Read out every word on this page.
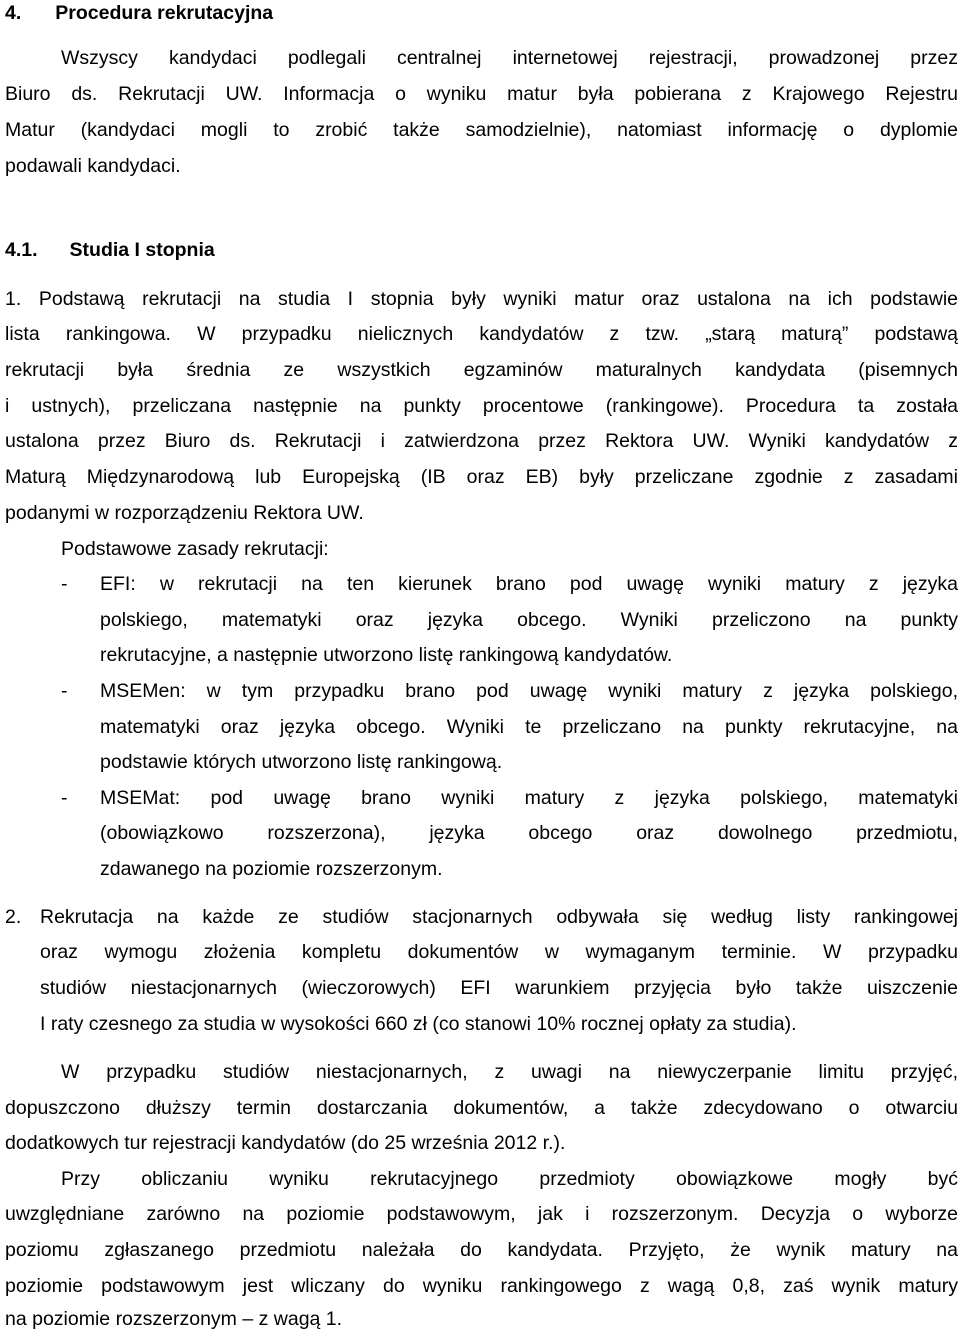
4. Procedura rekrutacyjna
Wszyscy kandydaci podlegali centralnej internetowej rejestracji, prowadzonej przez
Biuro ds. Rekrutacji UW. Informacja o wyniku matur była pobierana z Krajowego Rejestru
Matur (kandydaci mogli to zrobić także samodzielnie), natomiast informację o dyplomie
podawali kandydaci.
4.1. Studia I stopnia
1. Podstawą rekrutacji na studia I stopnia były wyniki matur oraz ustalona na ich podstawie
lista rankingowa. W przypadku nielicznych kandydatów z tzw. „starą maturą” podstawą
rekrutacji była średnia ze wszystkich egzaminów maturalnych kandydata (pisemnych
i ustnych), przeliczana następnie na punkty procentowe (rankingowe). Procedura ta została
ustalona przez Biuro ds. Rekrutacji i zatwierdzona przez Rektora UW. Wyniki kandydatów z
Maturą Międzynarodową lub Europejską (IB oraz EB) były przeliczane zgodnie z zasadami
podanymi w rozporządzeniu Rektora UW.
Podstawowe zasady rekrutacji:
-	EFI: w rekrutacji na ten kierunek brano pod uwagę wyniki matury z języka
polskiego, matematyki oraz języka obcego. Wyniki przeliczono na punkty
rekrutacyjne, a następnie utworzono listę rankingową kandydatów.
-	MSEMen: w tym przypadku brano pod uwagę wyniki matury z języka polskiego,
matematyki oraz języka obcego. Wyniki te przeliczano na punkty rekrutacyjne, na
podstawie których utworzono listę rankingową.
-	MSEMat: pod uwagę brano wyniki matury z języka polskiego, matematyki
(obowiązkowo rozszerzona), języka obcego oraz dowolnego przedmiotu,
zdawanego na poziomie rozszerzonym.
2. Rekrutacja na każde ze studiów stacjonarnych odbywała się według listy rankingowej
oraz wymogu złożenia kompletu dokumentów w wymaganym terminie. W przypadku
studiów niestacjonarnych (wieczorowych) EFI warunkiem przyjęcia było także uiszczenie
I raty czesnego za studia w wysokości 660 zł (co stanowi 10% rocznej opłaty za studia).
W przypadku studiów niestacjonarnych, z uwagi na niewyczerpanie limitu przyjęć,
dopuszczono dłuższy termin dostarczania dokumentów, a także zdecydowano o otwarciu
dodatkowych tur rejestracji kandydatów (do 25 września 2012 r.).
Przy obliczaniu wyniku rekrutacyjnego przedmioty obowiązkowe mogły być
uwzględniane zarówno na poziomie podstawowym, jak i rozszerzonym. Decyzja o wyborze
poziomu zgłaszanego przedmiotu należała do kandydata. Przyjęto, że wynik matury na
poziomie podstawowym jest wliczany do wyniku rankingowego z wagą 0,8, zaś wynik matury
na poziomie rozszerzonym – z wagą 1.
